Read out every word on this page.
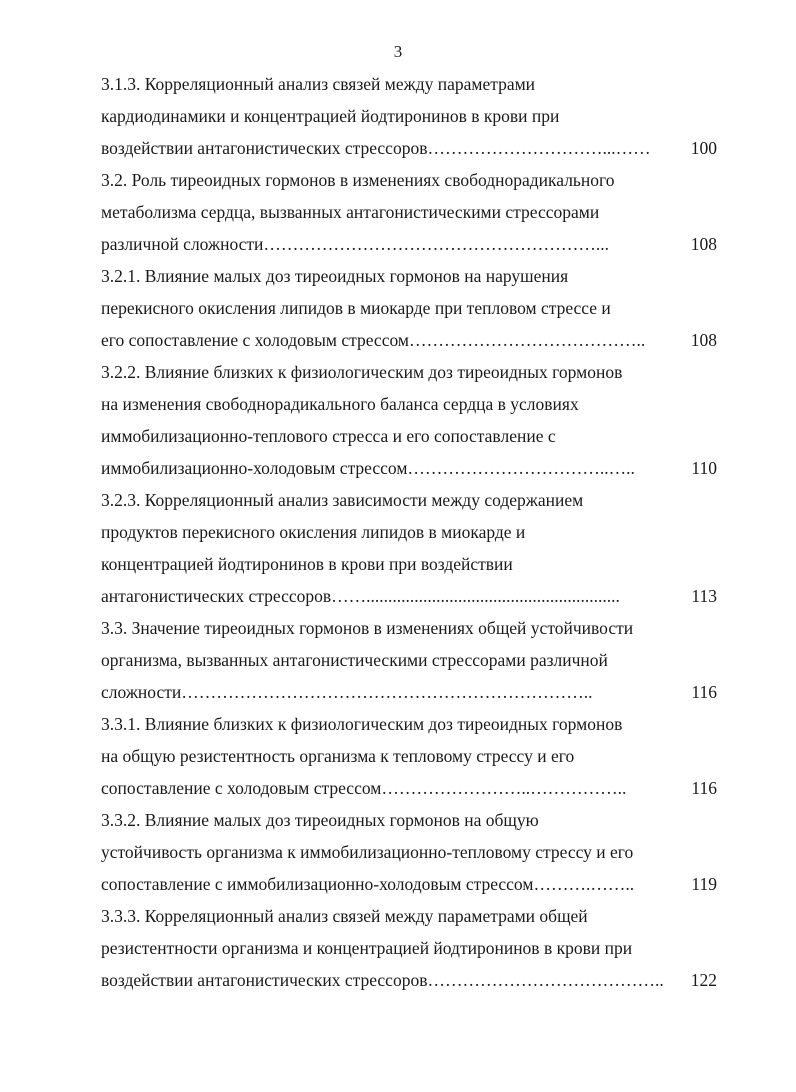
3
3.1.3. Корреляционный анализ связей между параметрами
кардиодинамики и концентрацией йодтиронинов в крови при
воздействии антагонистических стрессоров …………………………...…… 100
3.2. Роль тиреоидных гормонов в изменениях свободнорадикального
метаболизма сердца, вызванных антагонистическими стрессорами
различной сложности …………………………………………………...	108
3.2.1. Влияние малых доз тиреоидных гормонов на нарушения
перекисного окисления липидов в миокарде при тепловом стрессе и
его сопоставление с холодовым стрессом …………………………………..	108
3.2.2. Влияние близких к физиологическим доз тиреоидных гормонов
на изменения свободнорадикального баланса сердца в условиях
иммобилизационно-теплового стресса и его сопоставление с
иммобилизационно-холодовым стрессом ……………………………..…..	110
3.2.3. Корреляционный анализ зависимости между содержанием
продуктов перекисного окисления липидов в миокарде и
концентрацией йодтиронинов в крови при воздействии
антагонистических стрессоров ……..........................................................	113
3.3. Значение тиреоидных гормонов в изменениях общей устойчивости
организма, вызванных антагонистическими стрессорами различной
сложности ……………………………………………………………..	116
3.3.1. Влияние близких к физиологическим доз тиреоидных гормонов
на общую резистентность организма к тепловому стрессу и его
сопоставление с холодовым стрессом ……………………..……………..	116
3.3.2. Влияние малых доз тиреоидных гормонов на общую
устойчивость организма к иммобилизационно-тепловому стрессу и его
сопоставление с иммобилизационно-холодовым стрессом ……….……..	119
3.3.3. Корреляционный анализ связей между параметрами общей
резистентности организма и концентрацией йодтиронинов в крови при
воздействии антагонистических стрессоров ………………………………….. 122
